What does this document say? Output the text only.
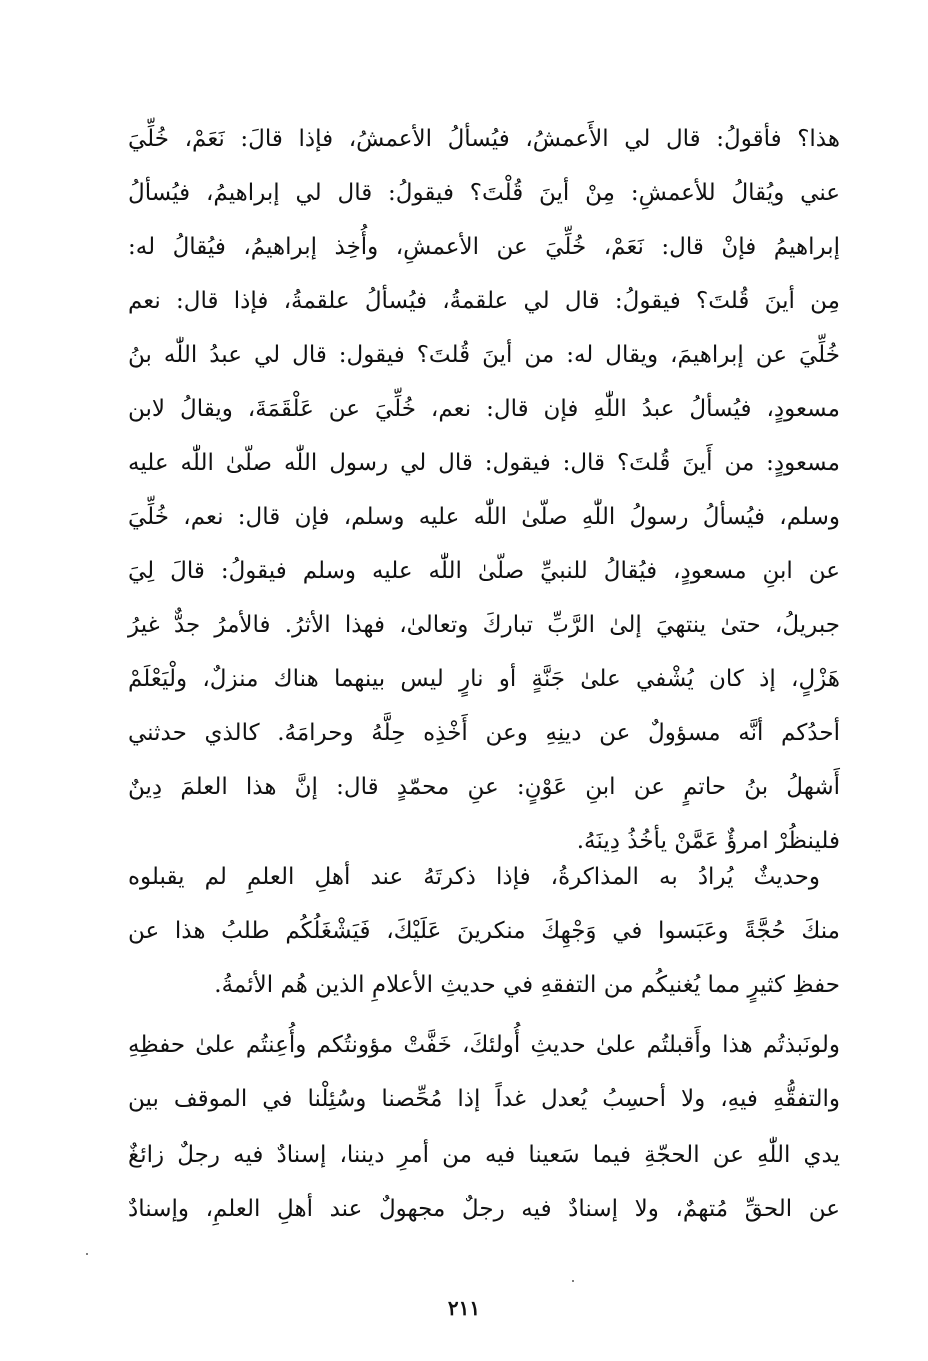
هذا؟ فأقولُ: قال لي الأَعمشُ، فيُسألُ الأعمشُ، فإذا قالَ: نَعَمْ، خُلِّيَ
عني ويُقالُ للأعمشِ: مِنْ أينَ قُلْتَ؟ فيقولُ: قال لي إبراهيمُ، فيُسألُ
إبراهيمُ فإنْ قال: نَعَمْ، خُلِّيَ عن الأعمشِ، وأُخِذ إبراهيمُ، فيُقالُ له:
مِن أينَ قُلتَ؟ فيقولُ: قال لي علقمةُ، فيُسألُ علقمةُ، فإذا قال: نعم
خُلِّيَ عن إبراهيمَ، ويقال له: من أينَ قُلتَ؟ فيقول: قال لي عبدُ اللّٰه بنُ
مسعودٍ، فيُسألُ عبدُ اللّٰهِ فإن قال: نعم، خُلِّيَ عن عَلْقَمَةَ، ويقالُ لابن
مسعودٍ: من أَينَ قُلتَ؟ قال: فيقول: قال لي رسول اللّٰه صلّىٰ اللّٰه عليه
وسلم، فيُسألُ رسولُ اللّٰهِ صلّىٰ اللّٰه عليه وسلم، فإن قال: نعم، خُلِّيَ
عن ابنِ مسعودٍ، فيُقالُ للنبيِّ صلّىٰ اللّٰه عليه وسلم فيقولُ: قالَ لِيَ
جبريلُ، حتىٰ ينتهيَ إلىٰ الرَّبِّ تباركَ وتعالىٰ، فهذا الأثرُ. فالأمرُ جدٌّ غيرُ
هَزْلٍ، إذ كان يُشْفي علىٰ جَنَّةٍ أو نارٍ ليس بينهما هناك منزلٌ، ولْيَعْلَمْ
أحدُكم أنَّه مسؤولٌ عن دينِهِ وعن أَخْذِه حِلَّهُ وحرامَهُ. كالذي حدثني
أَشهلُ بنُ حاتمٍ عن ابنِ عَوْنٍ: عنِ محمّدٍ قال: إنَّ هذا العلمَ دِينٌ
فلينظُرْ امرؤٌ عَمَّنْ يأخُذُ دِينَهُ.
وحديثٌ يُرادُ به المذاكرةُ، فإذا ذكرتَهُ عند أهلِ العلمِ لم يقبلوه
منكَ حُجَّةً وعَبَسوا في وَجْهِكَ منكرينَ عَلَيْكَ، فَيَشْغَلُكُم طلبُ هذا عن
حفظِ كثيرٍ مما يُغنيكُم من التفقهِ في حديثِ الأعلامِ الذين هُم الأئمةُ.
ولونَبذتُم هذا وأَقبلتُم علىٰ حديثِ أُولئكَ، خَفَّتْ مؤونتُكم وأُعِنتُم علىٰ حفظِهِ
والتفقُّهِ فيهِ، ولا أحسِبُ يُعدل غداً إذا مُحِّصنا وسُئِلْنا في الموقف بين
يدي اللّٰهِ عن الحجّةِ فيما سَعينا فيه من أمرِ ديننا، إسنادٌ فيه رجلٌ زائغٌ
عن الحقِّ مُتهمٌ، ولا إسنادٌ فيه رجلٌ مجهولٌ عند أهلِ العلمِ، وإسنادٌ
٢١١
